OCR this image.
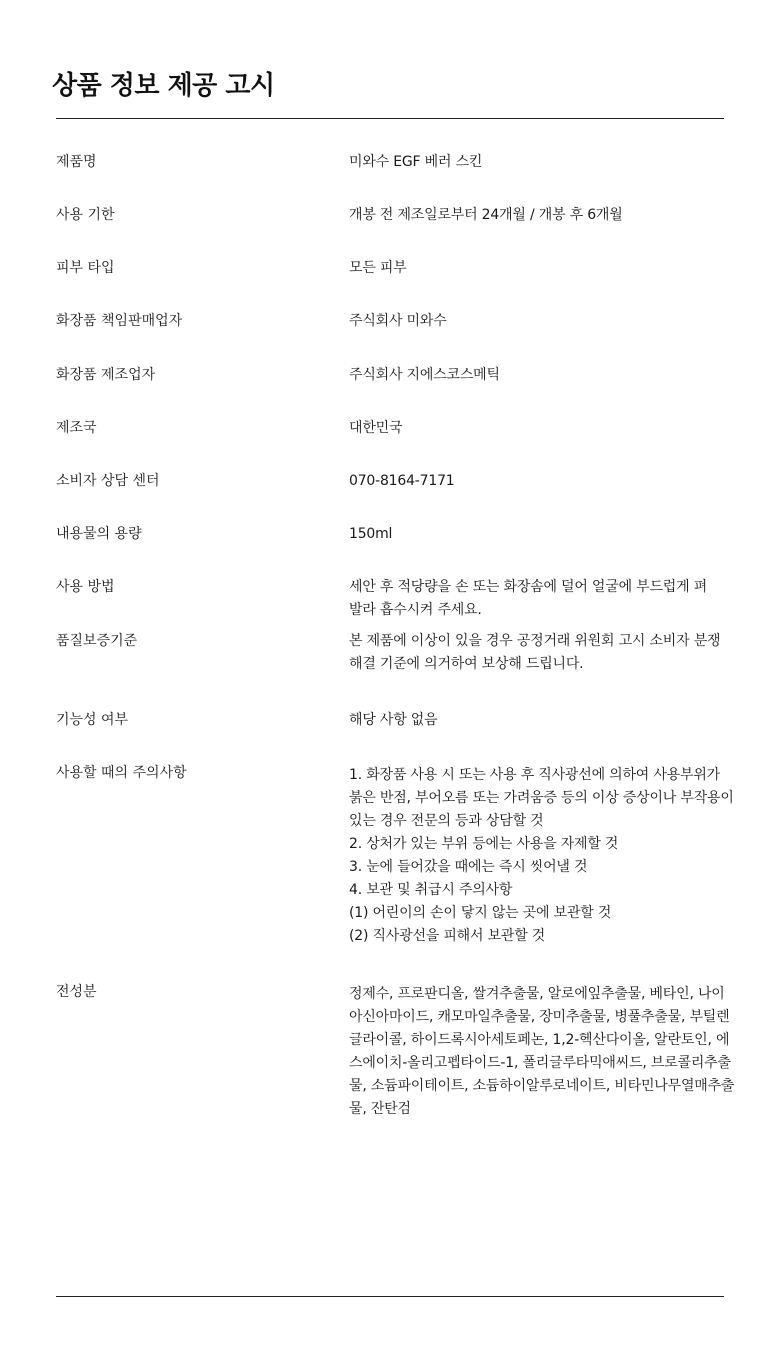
상품 정보 제공 고시
제품명	미와수 EGF 베러 스킨
사용 기한	개봉 전 제조일로부터 24개월 / 개봉 후 6개월
피부 타입	모든 피부
화장품 책임판매업자	주식회사 미와수
화장품 제조업자	주식회사 지에스코스메틱
제조국	대한민국
소비자 상담 센터	070-8164-7171
내용물의 용량	150ml
사용 방법	세안 후 적당량을 손 또는 화장솜에 덜어 얼굴에 부드럽게 펴
발라 흡수시켜 주세요.
품질보증기준	본 제품에 이상이 있을 경우 공정거래 위원회 고시 소비자 분쟁
해결 기준에 의거하여 보상해 드립니다.
기능성 여부	해당 사항 없음
사용할 때의 주의사항	1. 화장품 사용 시 또는 사용 후 직사광선에 의하여 사용부위가
붉은 반점, 부어오름 또는 가려움증 등의 이상 증상이나 부작용이
있는 경우 전문의 등과 상담할 것
2. 상처가 있는 부위 등에는 사용을 자제할 것
3. 눈에 들어갔을 때에는 즉시 씻어낼 것
4. 보관 및 취급시 주의사항
(1) 어린이의 손이 닿지 않는 곳에 보관할 것
(2) 직사광선을 피해서 보관할 것
전성분	정제수, 프로판디올, 쌀겨추출물, 알로에잎추출물, 베타인, 나이
아신아마이드, 캐모마일추출물, 장미추출물, 병풀추출물, 부틸렌
글라이콜, 하이드록시아세토페논, 1,2-헥산다이올, 알란토인, 에
스에이치-올리고펩타이드-1, 폴리글루타믹애씨드, 브로콜리추출
물, 소듐파이테이트, 소듐하이알루로네이트, 비타민나무열매추출
물, 잔탄검
